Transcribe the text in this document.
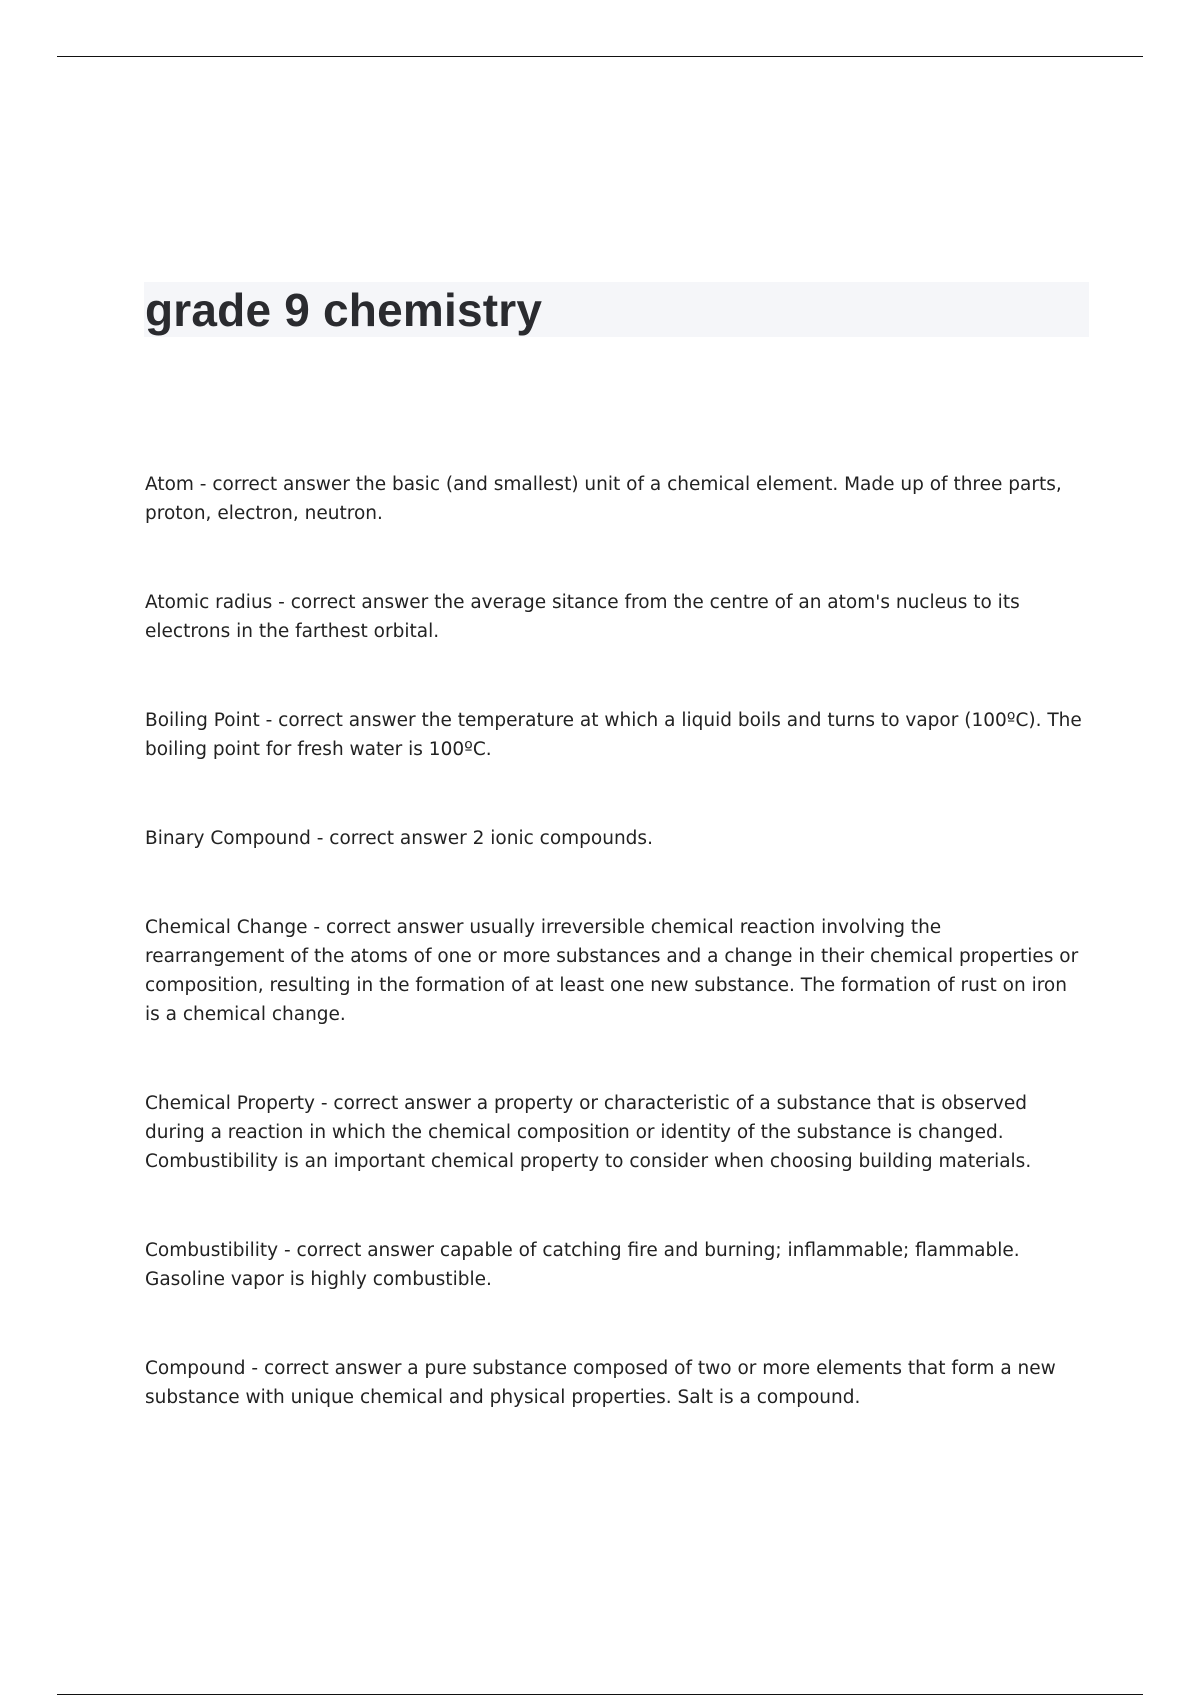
grade 9 chemistry

Atom - correct answer the basic (and smallest) unit of a chemical element. Made up of three parts, proton, electron, neutron.

Atomic radius - correct answer the average sitance from the centre of an atom's nucleus to its electrons in the farthest orbital.

Boiling Point - correct answer the temperature at which a liquid boils and turns to vapor (100ºC). The boiling point for fresh water is 100ºC.

Binary Compound - correct answer 2 ionic compounds.

Chemical Change - correct answer usually irreversible chemical reaction involving the rearrangement of the atoms of one or more substances and a change in their chemical properties or composition, resulting in the formation of at least one new substance. The formation of rust on iron is a chemical change.

Chemical Property - correct answer a property or characteristic of a substance that is observed during a reaction in which the chemical composition or identity of the substance is changed. Combustibility is an important chemical property to consider when choosing building materials.

Combustibility - correct answer capable of catching fire and burning; inflammable; flammable. Gasoline vapor is highly combustible.

Compound - correct answer a pure substance composed of two or more elements that form a new substance with unique chemical and physical properties. Salt is a compound.
